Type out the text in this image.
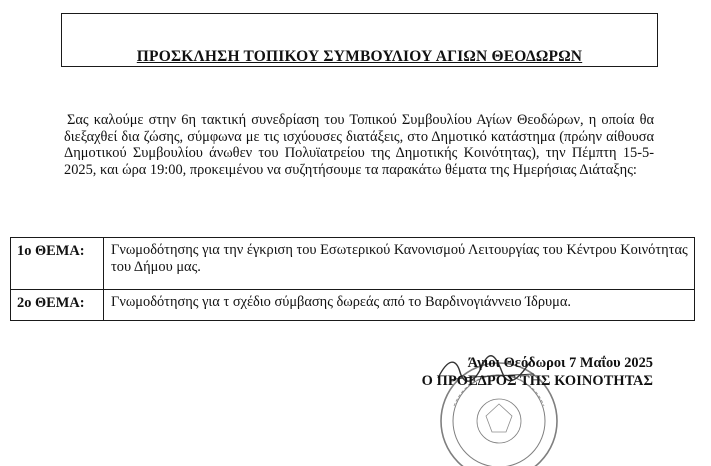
ΠΡΟΣΚΛΗΣΗ ΤΟΠΙΚΟΥ ΣΥΜΒΟΥΛΙΟΥ ΑΓΙΩΝ ΘΕΟΔΩΡΩΝ
Σας καλούμε στην 6η τακτική συνεδρίαση του Τοπικού Συμβουλίου Αγίων Θεοδώρων, η οποία θα διεξαχθεί δια ζώσης, σύμφωνα με τις ισχύουσες διατάξεις, στο Δημοτικό κατάστημα (πρώην αίθουσα Δημοτικού Συμβουλίου άνωθεν του Πολυϊατρείου της Δημοτικής Κοινότητας), την Πέμπτη 15-5-2025, και ώρα 19:00, προκειμένου να συζητήσουμε τα παρακάτω θέματα της Ημερήσιας Διάταξης:
1ο ΘΕΜΑ:	Γνωμοδότησης για την έγκριση του Εσωτερικού Κανονισμού Λειτουργίας του Κέντρου Κοινότητας του Δήμου μας.
2ο ΘΕΜΑ:	Γνωμοδότησης για τ σχέδιο σύμβασης δωρεάς από το Βαρδινογιάννειο Ίδρυμα.
Άγιοι Θεόδωροι 7 Μαΐου 2025
Ο ΠΡΟΕΔΡΟΣ ΤΗΣ ΚΟΙΝΟΤΗΤΑΣ
